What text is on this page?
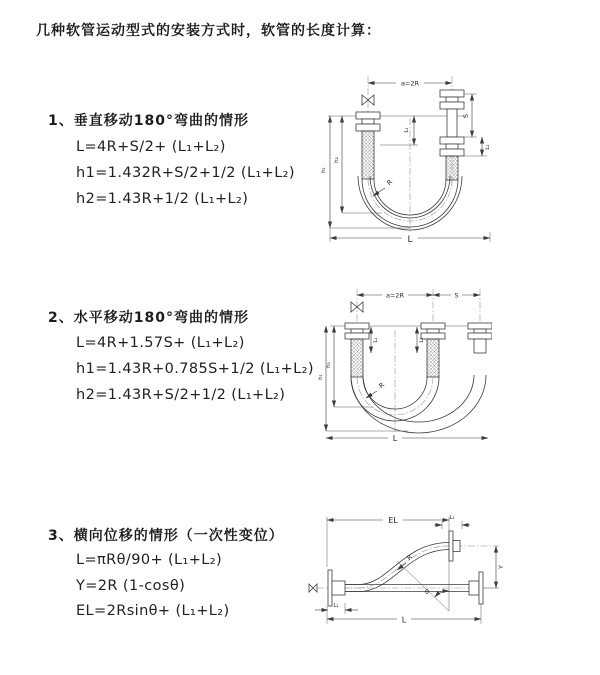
几种软管运动型式的安装方式时，软管的长度计算：
1、垂直移动180°弯曲的情形
L=4R+S/2+ (L₁+L₂)
h1=1.432R+S/2+1/2 (L₁+L₂)
h2=1.43R+1/2 (L₁+L₂)
2、水平移动180°弯曲的情形
L=4R+1.57S+ (L₁+L₂)
h1=1.43R+0.785S+1/2 (L₁+L₂)
h2=1.43R+S/2+1/2 (L₁+L₂)
3、横向位移的情形（一次性变位）
L=πRθ/90+ (L₁+L₂)
Y=2R (1-cosθ)
EL=2Rsinθ+ (L₁+L₂)
a=2R
S
L₂
L₁
h₂
h₁
R
L
a=2R	S
L₁	L₂
h₂
h₁
R
L
EL	L₁
θ
R
Y
L₁
L
